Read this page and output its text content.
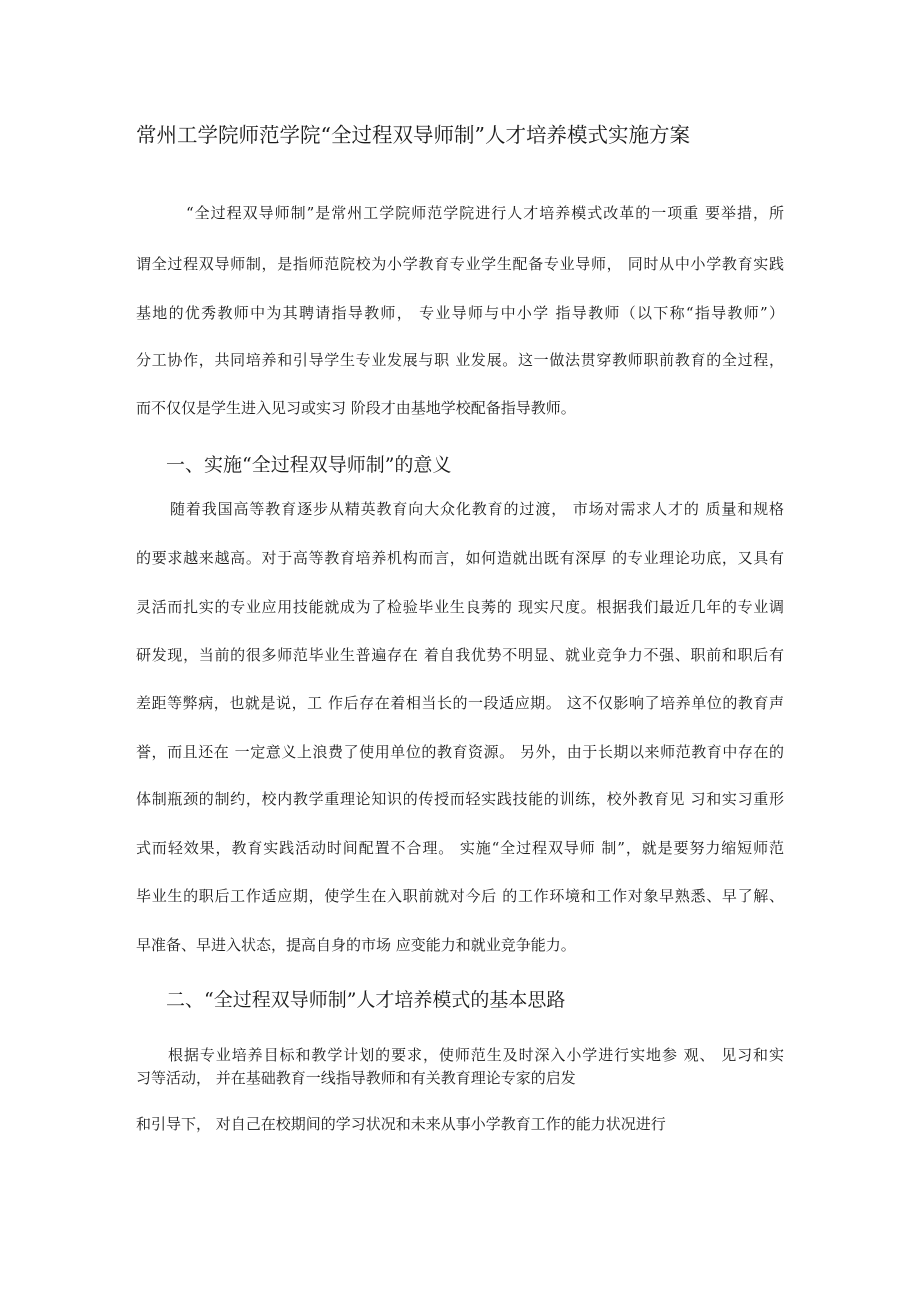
常州工学院师范学院“全过程双导师制”人才培养模式实施方案
“全过程双导师制”是常州工学院师范学院进行人才培养模式改革的一项重 要举措，所
谓全过程双导师制，是指师范院校为小学教育专业学生配备专业导师， 同时从中小学教育实践
基地的优秀教师中为其聘请指导教师， 专业导师与中小学 指导教师（以下称“指导教师”）
分工协作，共同培养和引导学生专业发展与职 业发展。这一做法贯穿教师职前教育的全过程，
而不仅仅是学生进入见习或实习 阶段才由基地学校配备指导教师。
一、实施“全过程双导师制”的意义
随着我国高等教育逐步从精英教育向大众化教育的过渡， 市场对需求人才的 质量和规格
的要求越来越高。对于高等教育培养机构而言，如何造就出既有深厚 的专业理论功底，又具有
灵活而扎实的专业应用技能就成为了检验毕业生良莠的 现实尺度。根据我们最近几年的专业调
研发现，当前的很多师范毕业生普遍存在 着自我优势不明显、就业竞争力不强、职前和职后有
差距等弊病，也就是说，工 作后存在着相当长的一段适应期。 这不仅影响了培养单位的教育声
誉，而且还在 一定意义上浪费了使用单位的教育资源。 另外，由于长期以来师范教育中存在的
体制瓶颈的制约，校内教学重理论知识的传授而轻实践技能的训练，校外教育见 习和实习重形
式而轻效果，教育实践活动时间配置不合理。 实施“全过程双导师 制”，就是要努力缩短师范
毕业生的职后工作适应期，使学生在入职前就对今后 的工作环境和工作对象早熟悉、早了解、
早准备、早进入状态，提高自身的市场 应变能力和就业竞争能力。
二、“全过程双导师制”人才培养模式的基本思路
根据专业培养目标和教学计划的要求，使师范生及时深入小学进行实地参 观、 见习和实
习等活动， 并在基础教育一线指导教师和有关教育理论专家的启发
和引导下， 对自己在校期间的学习状况和未来从事小学教育工作的能力状况进行
